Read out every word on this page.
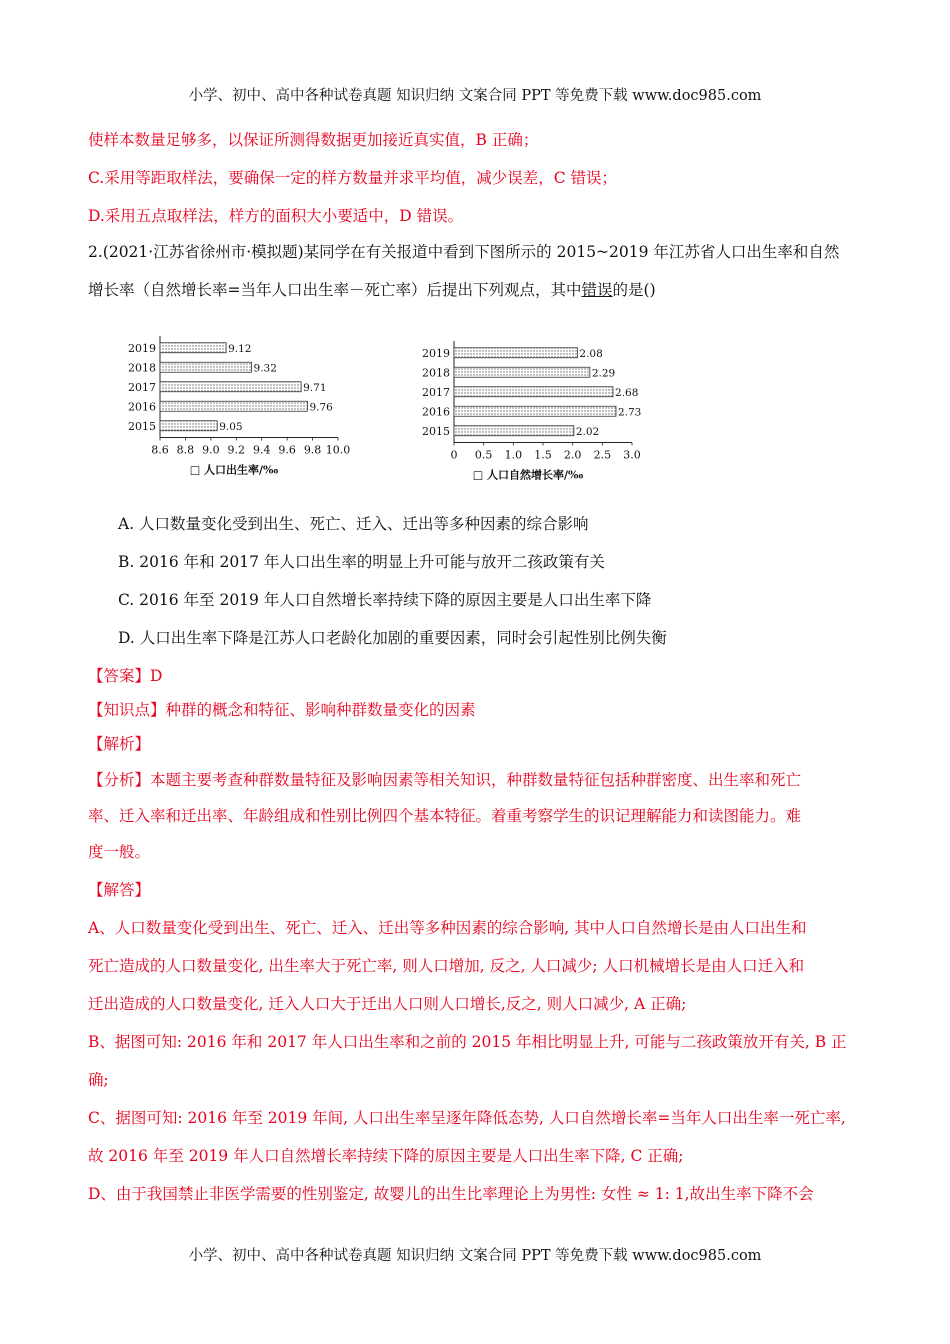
小学、初中、高中各种试卷真题 知识归纳 文案合同 PPT 等免费下载 www.doc985.com
使样本数量足够多，以保证所测得数据更加接近真实值，B 正确；
C.采用等距取样法，要确保一定的样方数量并求平均值，减少误差，C 错误；
D.采用五点取样法，样方的面积大小要适中，D 错误。
2.(2021·江苏省徐州市·模拟题)某同学在有关报道中看到下图所示的 2015~2019 年江苏省人口出生率和自然
增长率（自然增长率=当年人口出生率－死亡率）后提出下列观点，其中错误的是()
2019	9.12
2018	9.32
2017	9.71
2016	9.76
2015	9.05
8.6 8.8 9.0 9.2 9.4 9.6 9.8 10.0
□ 人口出生率/‰
2019	2.08
2018	2.29
2017	2.68
2016	2.73
2015	2.02
0 0.5 1.0 1.5 2.0 2.5 3.0
□ 人口自然增长率/‰
A. 人口数量变化受到出生、死亡、迁入、迁出等多种因素的综合影响
B. 2016 年和 2017 年人口出生率的明显上升可能与放开二孩政策有关
C. 2016 年至 2019 年人口自然增长率持续下降的原因主要是人口出生率下降
D. 人口出生率下降是江苏人口老龄化加剧的重要因素，同时会引起性别比例失衡
【答案】D
【知识点】种群的概念和特征、影响种群数量变化的因素
【解析】
【分析】本题主要考查种群数量特征及影响因素等相关知识，种群数量特征包括种群密度、出生率和死亡
率、迁入率和迁出率、年龄组成和性别比例四个基本特征。着重考察学生的识记理解能力和读图能力。难
度一般。
【解答】
A、人口数量变化受到出生、死亡、迁入、迁出等多种因素的综合影响, 其中人口自然增长是由人口出生和
死亡造成的人口数量变化, 出生率大于死亡率, 则人口增加, 反之, 人口减少; 人口机械增长是由人口迁入和
迁出造成的人口数量变化, 迁入人口大于迁出人口则人口增长,反之, 则人口减少, A 正确;
B、据图可知: 2016 年和 2017 年人口出生率和之前的 2015 年相比明显上升, 可能与二孩政策放开有关, B 正
确;
C、据图可知: 2016 年至 2019 年间, 人口出生率呈逐年降低态势, 人口自然增长率=当年人口出生率一死亡率,
故 2016 年至 2019 年人口自然增长率持续下降的原因主要是人口出生率下降, C 正确;
D、由于我国禁止非医学需要的性别鉴定, 故婴儿的出生比率理论上为男性: 女性 ≈ 1: 1,故出生率下降不会
小学、初中、高中各种试卷真题 知识归纳 文案合同 PPT 等免费下载 www.doc985.com
